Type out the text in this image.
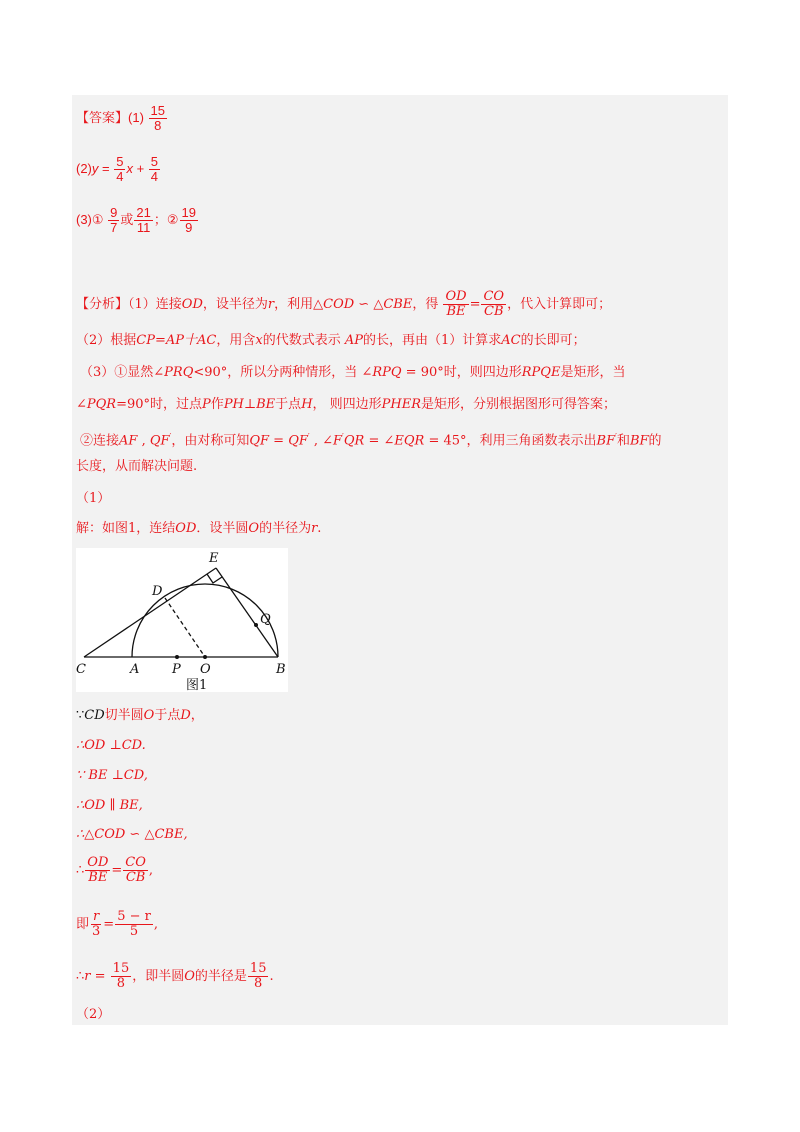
【答案】$(1) \frac{15}{8}$
$(2)y = \frac{5}{4}$ $x + \frac{5}{4}$
(3)① $\frac{9}{7}$ 或 $\frac{21}{11}$ ；② $\frac{19}{9}$
【分析】（1）连接OD，设半径为r，利用△COD ∽ △CBE，得 $\frac{OD}{BE} = \frac{CO}{CB}$ ，代入计算即可；
（2）根据CP=AP十AC，用含x的代数式表示 AP的长，再由（1）计算求AC的长即可；
（3）①显然∠PRQ<90°，所以分两种情形，当 ∠RPQ = 90°时，则四边形RPQE是矩形，当
∠PQR=90°时，过点P作PH⊥BE于点H， 则四边形PHER是矩形，分别根据图形可得答案；
②连接AF , QF′，由对称可知QF = QF′ , ∠F′QR = ∠EQR = 45°，利用三角函数表示出BF′和BF的
长度，从而解决问题.
（1）
解：如图1，连结OD．设半圆O的半径为r.
E
D
Q
C	A	P O	B
图1
∵CD切半圆O于点D，
∴OD ⊥CD.
∵ BE ⊥CD,
∴OD ∥ BE,
∴△COD ∽ △CBE,
∴ $\frac{OD}{BE} = \frac{CO}{CB}$ ,
即 $\frac{r}{3} = \frac{5 - r}{5}$ ,
∴r = $\frac{15}{8}$ ，即半圆O的半径是 $\frac{15}{8}$ .
（2）
